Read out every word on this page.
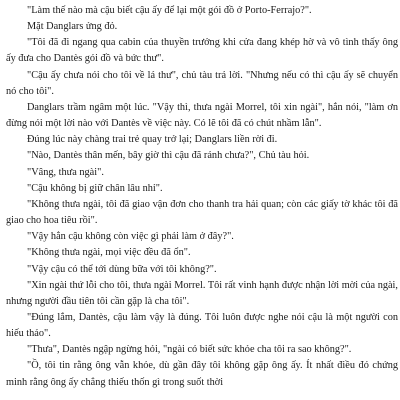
"Làm thế nào mà cậu biết cậu ấy để lại một gói đồ ở Porto-Ferrajo?".

Mặt Danglars ửng đỏ.

"Tôi đã đi ngang qua cabin của thuyền trưởng khi cửa đang khép hờ và vô tình thấy ông ấy đưa cho Dantès gói đồ và bức thư".

"Cậu ấy chưa nói cho tôi về lá thư", chủ tàu trả lời. "Nhưng nếu có thì cậu ấy sẽ chuyển nó cho tôi".

Danglars trầm ngâm một lúc. "Vậy thì, thưa ngài Morrel, tôi xin ngài", hắn nói, "làm ơn đừng nói một lời nào với Dantès về việc này. Có lẽ tôi đã có chút nhầm lẫn".

Đúng lúc này chàng trai trẻ quay trở lại; Danglars liền rời đi.

"Nào, Dantès thân mến, bây giờ thì cậu đã rảnh chưa?", Chủ tàu hỏi.

"Vâng, thưa ngài".

"Cậu không bị giữ chân lâu nhỉ".

"Không thưa ngài, tôi đã giao vận đơn cho thanh tra hải quan; còn các giấy tờ khác tôi đã giao cho hoa tiêu rồi".

"Vậy hẳn cậu không còn việc gì phải làm ở đây?".

"Không thưa ngài, mọi việc đều đã ổn".

"Vậy cậu có thể tới dùng bữa với tôi không?".

"Xin ngài thứ lỗi cho tôi, thưa ngài Morrel. Tôi rất vinh hạnh được nhận lời mời của ngài, nhưng người đầu tiên tôi cần gặp là cha tôi".

"Đúng lắm, Dantès, cậu làm vậy là đúng. Tôi luôn được nghe nói cậu là một người con hiếu thảo".

"Thưa", Dantès ngập ngừng hỏi, "ngài có biết sức khỏe cha tôi ra sao không?".

"Ồ, tôi tin rằng ông vẫn khỏe, dù gần đây tôi không gặp ông ấy. Ít nhất điều đó chứng minh rằng ông ấy chẳng thiếu thốn gì trong suốt thời
